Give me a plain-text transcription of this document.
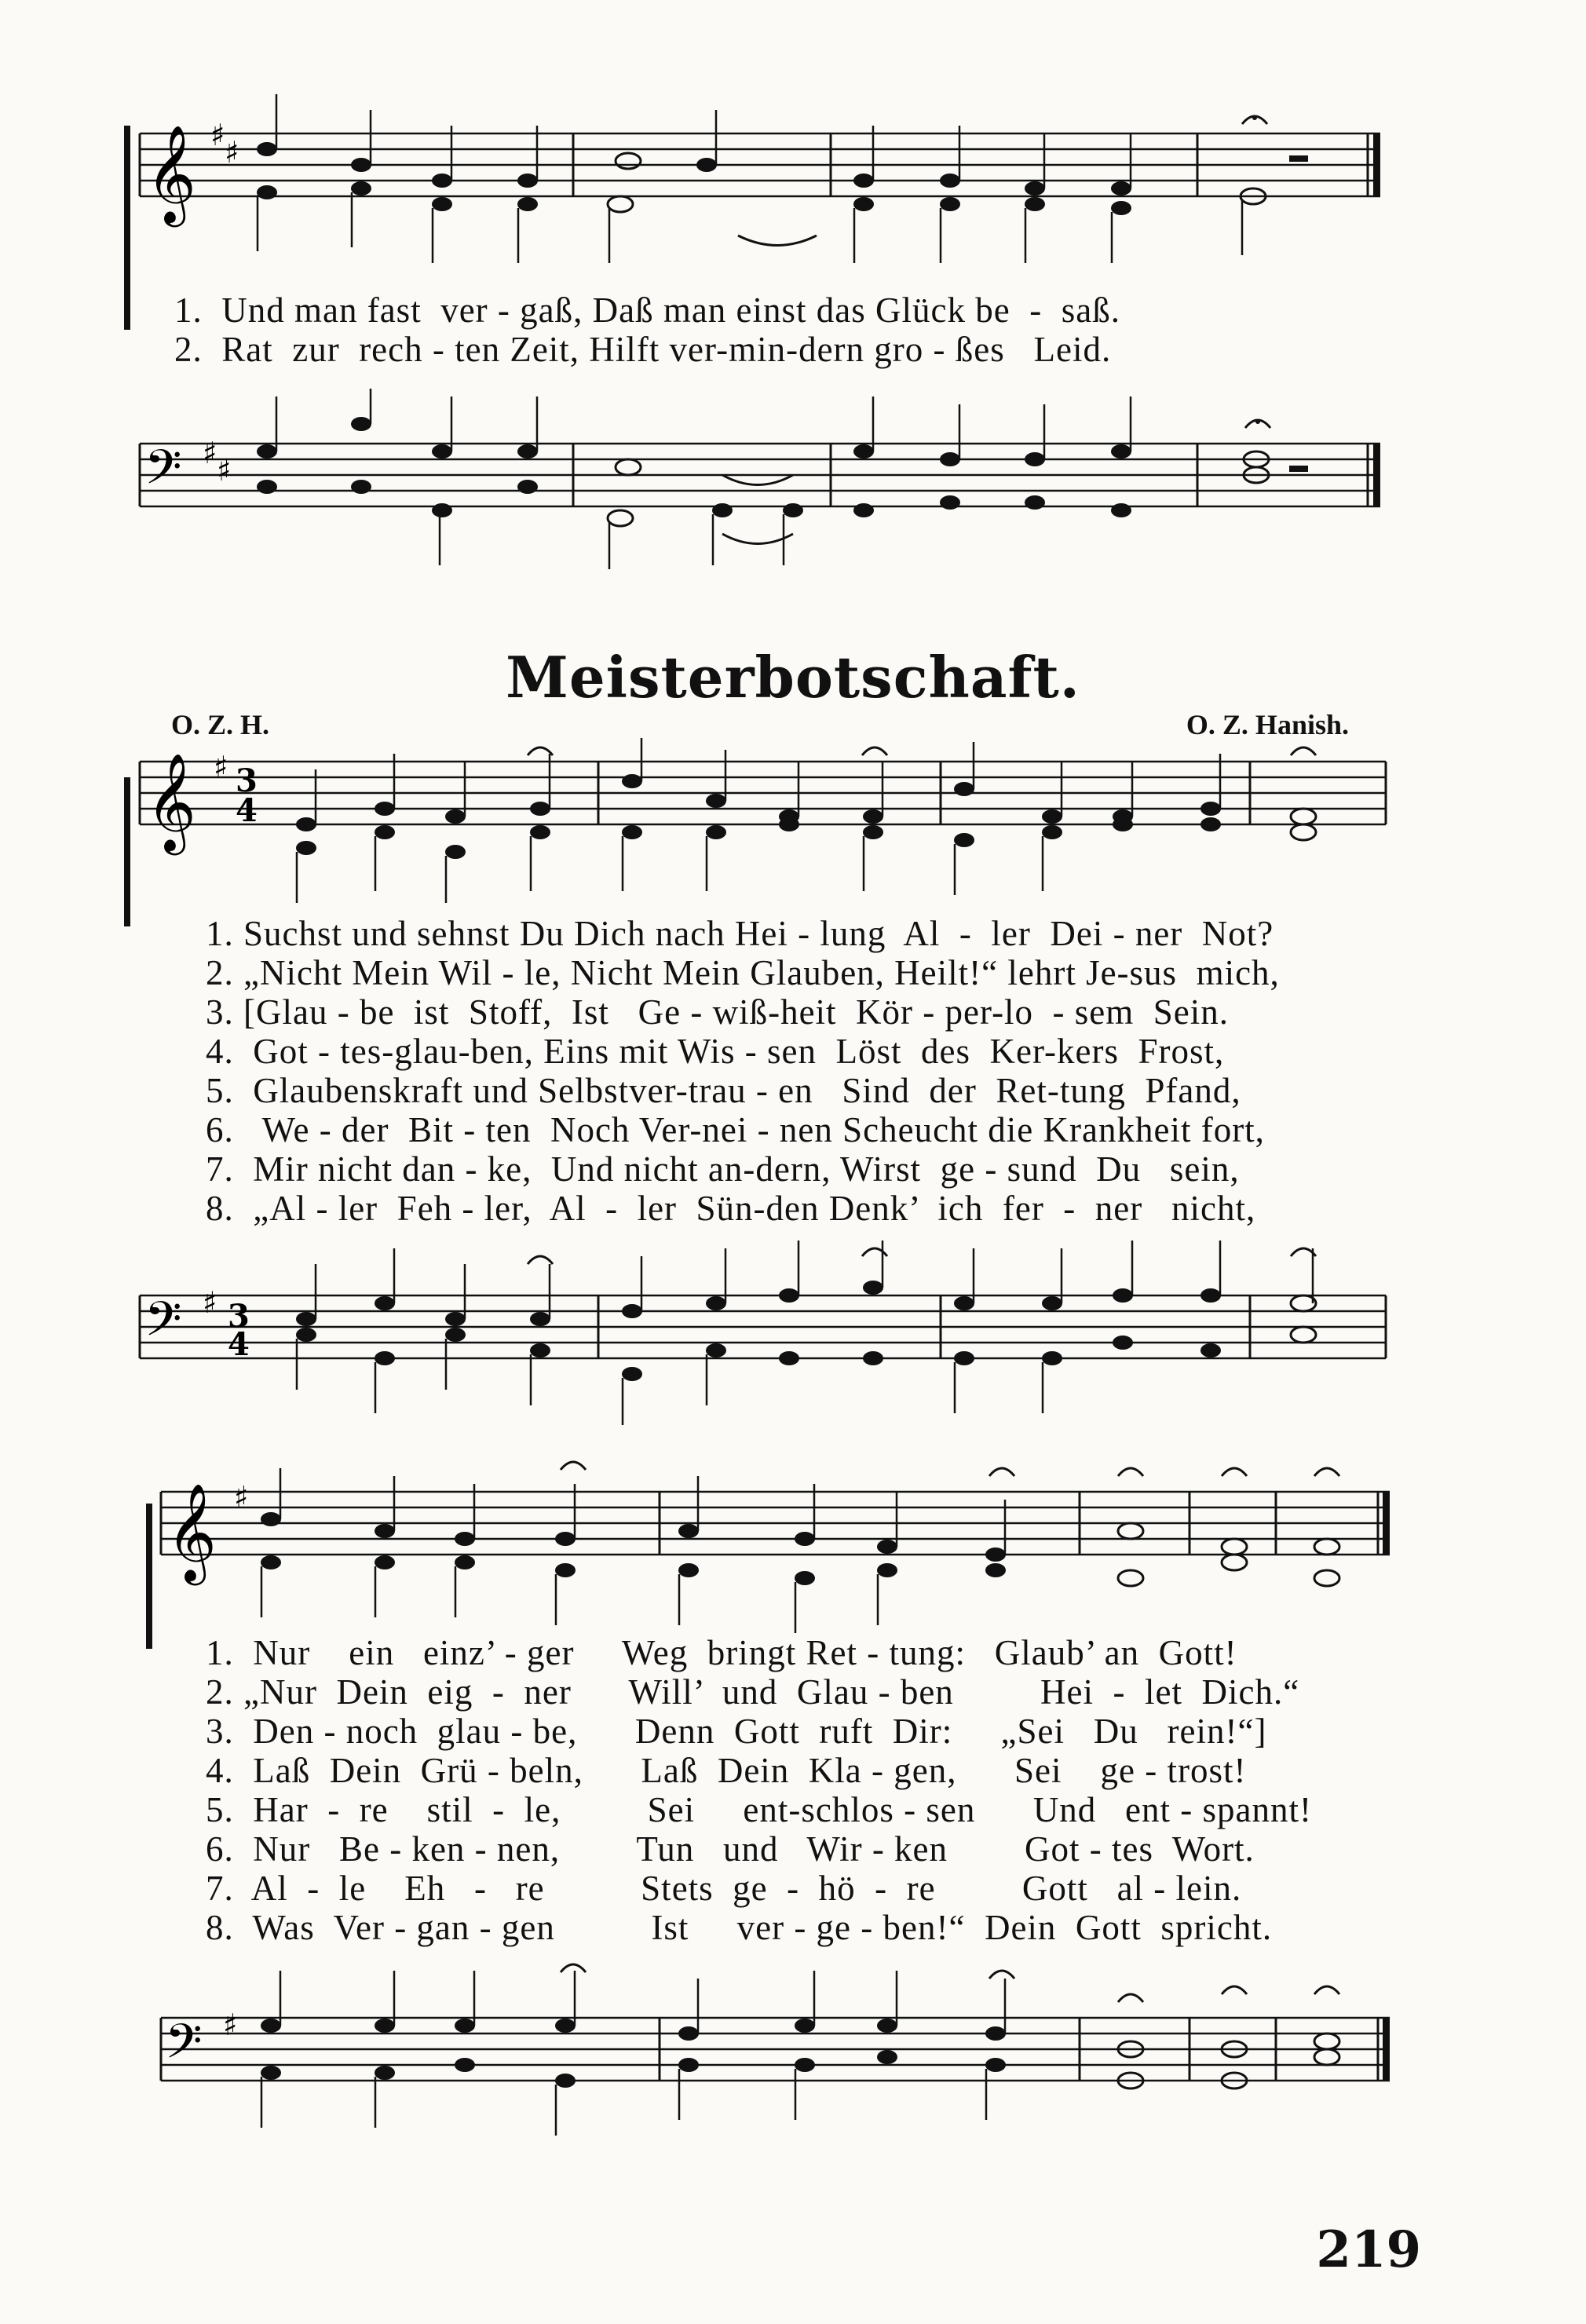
𝄞 ♯ ♯
1.  Und man fast  ver - gaß, Daß man einst das Glück be  -  saß.
2.  Rat  zur  rech - ten Zeit, Hilft ver-min-dern gro - ßes   Leid.
𝄢 ♯ ♯
Meisterbotschaft.
O. Z. H.	O. Z. Hanish.
𝄞 ♯ 3
4
1. Suchst und sehnst Du Dich nach Hei - lung  Al  -  ler  Dei - ner  Not?
2. „Nicht Mein Wil - le, Nicht Mein Glauben, Heilt!“ lehrt Je-sus  mich,
3. [Glau - be  ist  Stoff,  Ist   Ge - wiß-heit  Kör - per-lo  - sem  Sein.
4.  Got - tes-glau-ben, Eins mit Wis - sen  Löst  des  Ker-kers  Frost,
5.  Glaubenskraft und Selbstver-trau - en   Sind  der  Ret-tung  Pfand,
6.   We - der  Bit - ten  Noch Ver-nei - nen Scheucht die Krankheit fort,
7.  Mir nicht dan - ke,  Und nicht an-dern, Wirst  ge - sund  Du   sein,
8.  „Al - ler  Feh - ler,  Al  -  ler  Sün-den Denk’  ich  fer  -  ner   nicht,
𝄢 ♯ 3
4
𝄞 ♯
1.  Nur    ein   einz’ - ger     Weg  bringt Ret - tung:   Glaub’ an  Gott!
2. „Nur  Dein  eig  -  ner      Will’  und  Glau - ben         Hei  -  let  Dich.“
3.  Den - noch  glau - be,      Denn  Gott  ruft  Dir:     „Sei   Du   rein!“]
4.  Laß  Dein  Grü - beln,      Laß  Dein  Kla - gen,      Sei    ge - trost!
5.  Har  -  re    stil  -  le,         Sei     ent-schlos - sen      Und   ent - spannt!
6.  Nur   Be - ken - nen,        Tun   und   Wir - ken        Got - tes  Wort.
7.  Al  -  le    Eh   -   re          Stets  ge  -  hö  -  re         Gott   al - lein.
8.  Was  Ver - gan - gen          Ist     ver - ge - ben!“  Dein  Gott  spricht.
𝄢 ♯
219
